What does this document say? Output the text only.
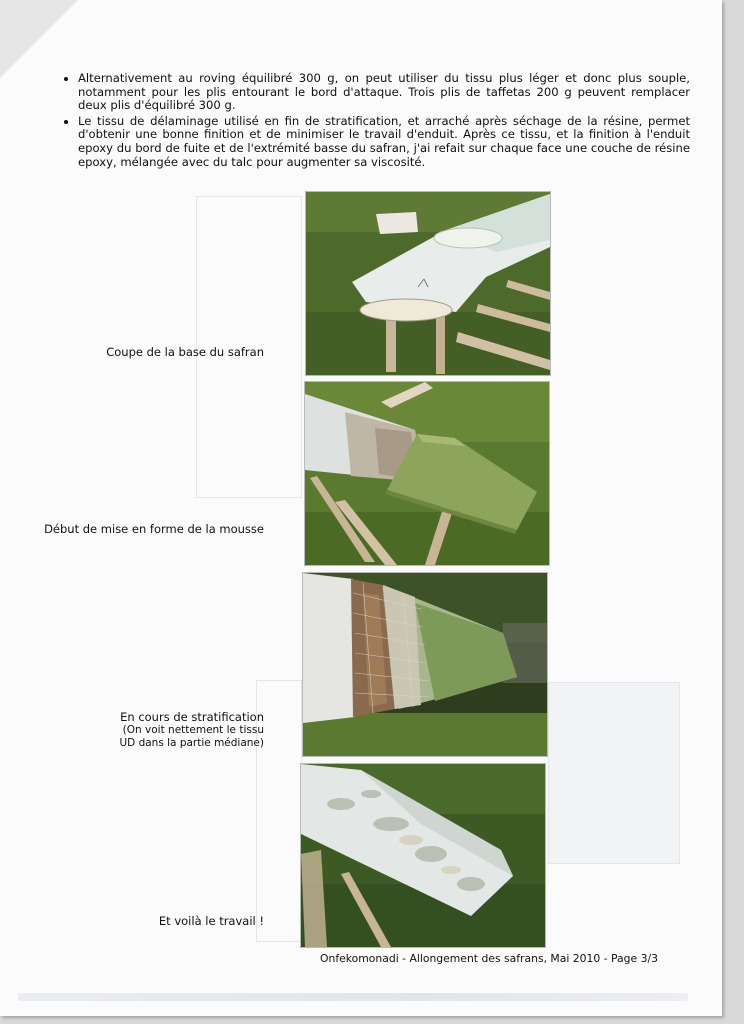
• Alternativement au roving équilibré 300 g, on peut utiliser du tissu plus léger et donc plus souple, notamment pour les plis entourant le bord d'attaque. Trois plis de taffetas 200 g peuvent remplacer deux plis d'équilibré 300 g.
• Le tissu de délaminage utilisé en fin de stratification, et arraché après séchage de la résine, permet d'obtenir une bonne finition et de minimiser le travail d'enduit. Après ce tissu, et la finition à l'enduit epoxy du bord de fuite et de l'extrémité basse du safran, j'ai refait sur chaque face une couche de résine epoxy, mélangée avec du talc pour augmenter sa viscosité.
Coupe de la base du safran
Début de mise en forme de la mousse
En cours de stratification
(On voit nettement le tissu UD dans la partie médiane)
Et voilà le travail !
Onfekomonadi - Allongement des safrans, Mai 2010 - Page 3/3
